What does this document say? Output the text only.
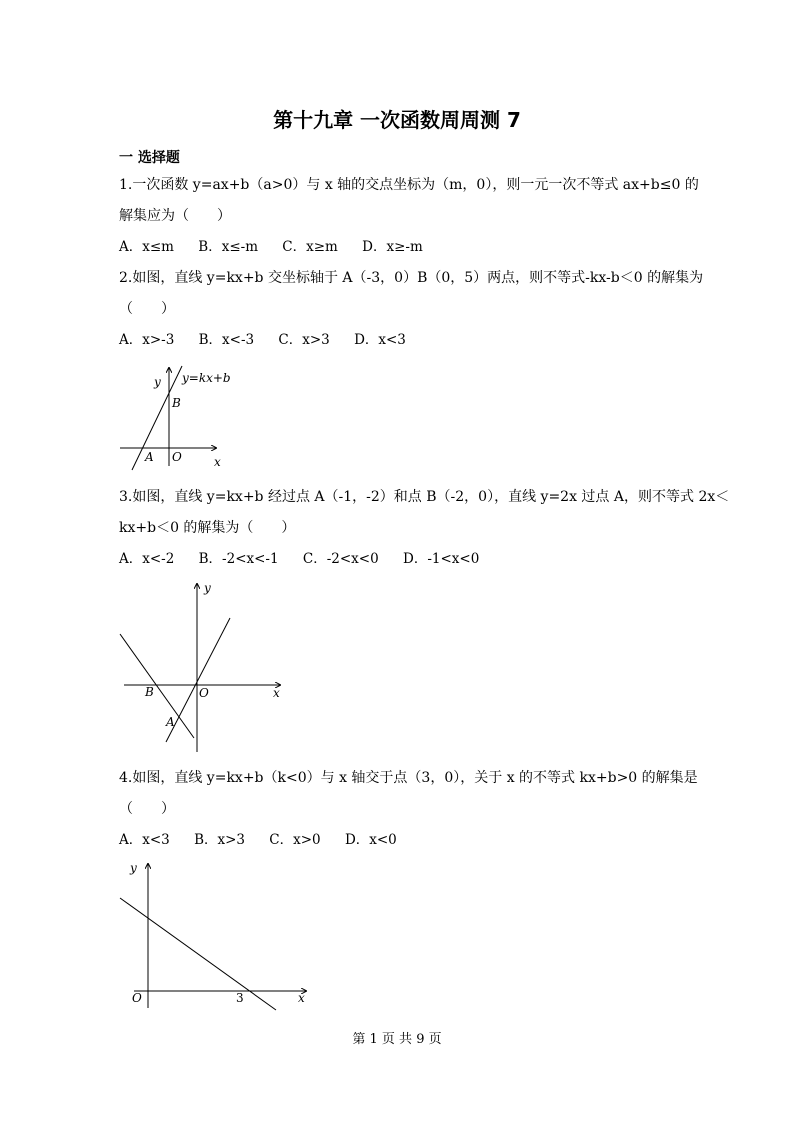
第十九章 一次函数周周测 7
一 选择题
1.一次函数 y=ax+b（a>0）与 x 轴的交点坐标为（m，0），则一元一次不等式 ax+b≤0 的
解集应为（　　）
A．x≤m B．x≤-m C．x≥m D．x≥-m
2.如图，直线 y=kx+b 交坐标轴于 A（-3，0）B（0，5）两点，则不等式-kx-b＜0 的解集为
（　　）
A．x>-3 B．x<-3 C．x>3 D．x<3
y y=kx+b
B
A O	x
3.如图，直线 y=kx+b 经过点 A（-1，-2）和点 B（-2，0），直线 y=2x 过点 A，则不等式 2x＜
kx+b＜0 的解集为（　　）
A．x<-2 B．-2<x<-1 C．-2<x<0 D．-1<x<0
y
B	O
A
x
4.如图，直线 y=kx+b（k<0）与 x 轴交于点（3，0），关于 x 的不等式 kx+b>0 的解集是
（　　）
A．x<3 B．x>3 C．x>0 D．x<0
y
O	3	x
第 1 页 共 9 页
